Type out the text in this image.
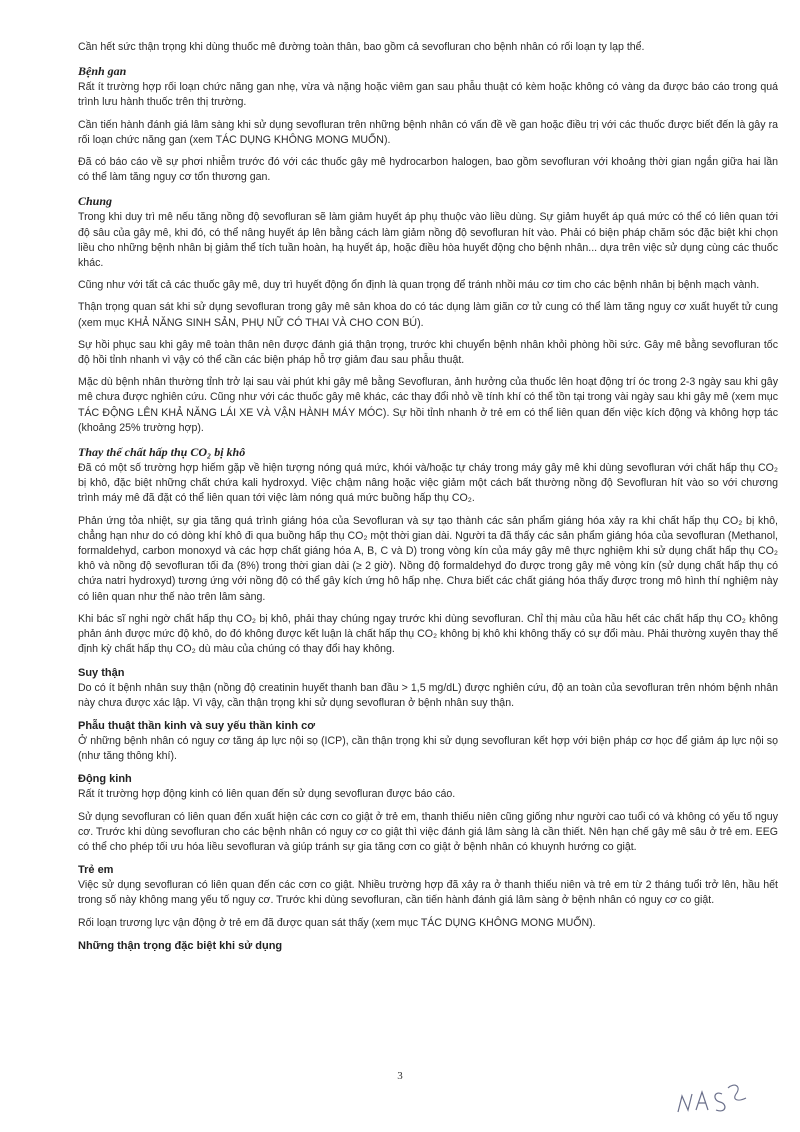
Cần hết sức thận trọng khi dùng thuốc mê đường toàn thân, bao gồm cả sevofluran cho bệnh nhân có rối loạn ty lạp thể.

Bệnh gan

Rất ít trường hợp rối loạn chức năng gan nhẹ, vừa và nặng hoặc viêm gan sau phẫu thuật có kèm hoặc không có vàng da được báo cáo trong quá trình lưu hành thuốc trên thị trường.

Cần tiến hành đánh giá lâm sàng khi sử dụng sevofluran trên những bệnh nhân có vấn đề về gan hoặc điều trị với các thuốc được biết đến là gây ra rối loạn chức năng gan (xem TÁC DỤNG KHÔNG MONG MUỐN).

Đã có báo cáo về sự phơi nhiễm trước đó với các thuốc gây mê hydrocarbon halogen, bao gồm sevofluran với khoảng thời gian ngắn giữa hai lần có thể làm tăng nguy cơ tổn thương gan.

Chung

Trong khi duy trì mê nếu tăng nồng độ sevofluran sẽ làm giảm huyết áp phụ thuộc vào liều dùng. Sự giảm huyết áp quá mức có thể có liên quan tới độ sâu của gây mê, khi đó, có thể nâng huyết áp lên bằng cách làm giảm nồng độ sevofluran hít vào. Phải có biện pháp chăm sóc đặc biệt khi chọn liều cho những bệnh nhân bị giảm thể tích tuần hoàn, hạ huyết áp, hoặc điều hòa huyết động cho bệnh nhân... dựa trên việc sử dụng cùng các thuốc khác.

Cũng như với tất cả các thuốc gây mê, duy trì huyết động ổn định là quan trọng để tránh nhồi máu cơ tim cho các bệnh nhân bị bệnh mạch vành.

Thận trọng quan sát khi sử dụng sevofluran trong gây mê sản khoa do có tác dụng làm giãn cơ tử cung có thể làm tăng nguy cơ xuất huyết tử cung (xem mục KHẢ NĂNG SINH SẢN, PHỤ NỮ CÓ THAI VÀ CHO CON BÚ).

Sự hồi phục sau khi gây mê toàn thân nên được đánh giá thận trọng, trước khi chuyển bệnh nhân khỏi phòng hồi sức. Gây mê bằng sevofluran tốc độ hồi tỉnh nhanh vì vậy có thể cần các biện pháp hỗ trợ giảm đau sau phẫu thuật.

Mặc dù bệnh nhân thường tỉnh trở lại sau vài phút khi gây mê bằng Sevofluran, ảnh hưởng của thuốc lên hoạt động trí óc trong 2-3 ngày sau khi gây mê chưa được nghiên cứu. Cũng như với các thuốc gây mê khác, các thay đổi nhỏ về tính khí có thể tồn tại trong vài ngày sau khi gây mê (xem mục TÁC ĐỘNG LÊN KHẢ NĂNG LÁI XE VÀ VẬN HÀNH MÁY MÓC). Sự hồi tỉnh nhanh ở trẻ em có thể liên quan đến việc kích động và không hợp tác (khoảng 25% trường hợp).

Thay thế chất hấp thụ CO₂ bị khô

Đã có một số trường hợp hiếm gặp về hiện tượng nóng quá mức, khói và/hoặc tự cháy trong máy gây mê khi dùng sevofluran với chất hấp thụ CO₂ bị khô, đặc biệt những chất chứa kali hydroxyd. Việc chậm nâng hoặc việc giảm một cách bất thường nồng độ Sevofluran hít vào so với chương trình máy mê đã đặt có thể liên quan tới việc làm nóng quá mức buồng hấp thụ CO₂.

Phản ứng tỏa nhiệt, sự gia tăng quá trình giáng hóa của Sevofluran và sự tạo thành các sản phẩm giáng hóa xảy ra khi chất hấp thụ CO₂ bị khô, chẳng hạn như do có dòng khí khô đi qua buồng hấp thụ CO₂ một thời gian dài. Người ta đã thấy các sản phẩm giáng hóa của sevofluran (Methanol, formaldehyd, carbon monoxyd và các hợp chất giáng hóa A, B, C và D) trong vòng kín của máy gây mê thực nghiệm khi sử dụng chất hấp thụ CO₂ khô và nồng độ sevofluran tối đa (8%) trong thời gian dài (≥ 2 giờ). Nồng độ formaldehyd đo được trong gây mê vòng kín (sử dụng chất hấp thụ có chứa natri hydroxyd) tương ứng với nồng độ có thể gây kích ứng hô hấp nhẹ. Chưa biết các chất giáng hóa thấy được trong mô hình thí nghiệm này có liên quan như thế nào trên lâm sàng.

Khi bác sĩ nghi ngờ chất hấp thụ CO₂ bị khô, phải thay chúng ngay trước khi dùng sevofluran. Chỉ thị màu của hầu hết các chất hấp thụ CO₂ không phản ánh được mức độ khô, do đó không được kết luận là chất hấp thụ CO₂ không bị khô khi không thấy có sự đổi màu. Phải thường xuyên thay thế định kỳ chất hấp thụ CO₂ dù màu của chúng có thay đổi hay không.

Suy thận

Do có ít bệnh nhân suy thận (nồng độ creatinin huyết thanh ban đầu > 1,5 mg/dL) được nghiên cứu, độ an toàn của sevofluran trên nhóm bệnh nhân này chưa được xác lập. Vì vậy, cần thận trọng khi sử dụng sevofluran ở bệnh nhân suy thận.

Phẫu thuật thần kinh và suy yếu thần kinh cơ

Ở những bệnh nhân có nguy cơ tăng áp lực nội sọ (ICP), cần thận trọng khi sử dụng sevofluran kết hợp với biện pháp cơ học để giảm áp lực nội sọ (như tăng thông khí).

Động kinh

Rất ít trường hợp động kinh có liên quan đến sử dụng sevofluran được báo cáo.

Sử dụng sevofluran có liên quan đến xuất hiện các cơn co giật ở trẻ em, thanh thiếu niên cũng giống như người cao tuổi có và không có yếu tố nguy cơ. Trước khi dùng sevofluran cho các bệnh nhân có nguy cơ co giật thì việc đánh giá lâm sàng là cần thiết. Nên hạn chế gây mê sâu ở trẻ em. EEG có thể cho phép tối ưu hóa liều sevofluran và giúp tránh sự gia tăng cơn co giật ở bệnh nhân có khuynh hướng co giật.

Trẻ em

Việc sử dụng sevofluran có liên quan đến các cơn co giật. Nhiều trường hợp đã xảy ra ở thanh thiếu niên và trẻ em từ 2 tháng tuổi trở lên, hầu hết trong số này không mang yếu tố nguy cơ. Trước khi dùng sevofluran, cần tiến hành đánh giá lâm sàng ở bệnh nhân có nguy cơ co giật.

Rối loạn trương lực vận động ở trẻ em đã được quan sát thấy (xem mục TÁC DỤNG KHÔNG MONG MUỐN).

Những thận trọng đặc biệt khi sử dụng
3
